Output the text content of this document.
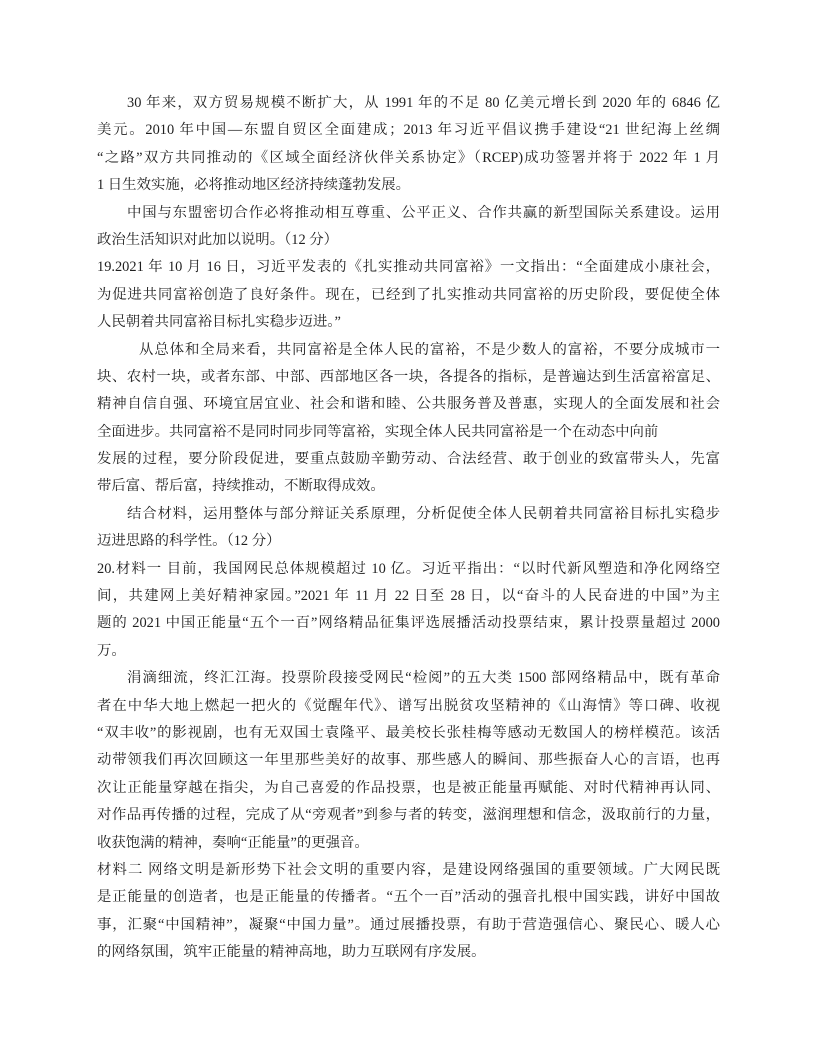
30 年来，双方贸易规模不断扩大，从 1991 年的不足 80 亿美元增长到 2020 年的 6846 亿
美元。2010 年中国—东盟自贸区全面建成；2013 年习近平倡议携手建设“21 世纪海上丝绸
“之路”双方共同推动的《区域全面经济伙伴关系协定》（RCEP)成功签署并将于 2022 年 1 月
1 日生效实施，必将推动地区经济持续蓬勃发展。
中国与东盟密切合作必将推动相互尊重、公平正义、合作共赢的新型国际关系建设。运用
政治生活知识对此加以说明。（12 分）
19.2021 年 10 月 16 日，习近平发表的《扎实推动共同富裕》一文指出：“全面建成小康社会，
为促进共同富裕创造了良好条件。现在，已经到了扎实推动共同富裕的历史阶段，要促使全体
人民朝着共同富裕目标扎实稳步迈进。”
从总体和全局来看，共同富裕是全体人民的富裕，不是少数人的富裕，不要分成城市一
块、农村一块，或者东部、中部、西部地区各一块，各提各的指标，是普遍达到生活富裕富足、
精神自信自强、环境宜居宜业、社会和谐和睦、公共服务普及普惠，实现人的全面发展和社会
全面进步。共同富裕不是同时同步同等富裕，实现全体人民共同富裕是一个在动态中向前
发展的过程，要分阶段促进，要重点鼓励辛勤劳动、合法经营、敢于创业的致富带头人，先富
带后富、帮后富，持续推动，不断取得成效。
结合材料，运用整体与部分辩证关系原理，分析促使全体人民朝着共同富裕目标扎实稳步
迈进思路的科学性。（12 分）
20.材料一 目前，我国网民总体规模超过 10 亿。习近平指出：“以时代新风塑造和净化网络空
间，共建网上美好精神家园。”2021 年 11 月 22 日至 28 日，以“奋斗的人民奋进的中国”为主
题的 2021 中国正能量“五个一百”网络精品征集评选展播活动投票结束，累计投票量超过 2000
万。
涓滴细流，终汇江海。投票阶段接受网民“检阅”的五大类 1500 部网络精品中，既有革命
者在中华大地上燃起一把火的《觉醒年代》、谱写出脱贫攻坚精神的《山海情》等口碑、收视
“双丰收”的影视剧，也有无双国士袁隆平、最美校长张桂梅等感动无数国人的榜样模范。该活
动带领我们再次回顾这一年里那些美好的故事、那些感人的瞬间、那些振奋人心的言语，也再
次让正能量穿越在指尖，为自己喜爱的作品投票，也是被正能量再赋能、对时代精神再认同、
对作品再传播的过程，完成了从“旁观者”到参与者的转变，滋润理想和信念，汲取前行的力量，
收获饱满的精神，奏响“正能量”的更强音。
材料二 网络文明是新形势下社会文明的重要内容，是建设网络强国的重要领域。广大网民既
是正能量的创造者，也是正能量的传播者。“五个一百”活动的强音扎根中国实践，讲好中国故
事，汇聚“中国精神”，凝聚“中国力量”。通过展播投票，有助于营造强信心、聚民心、暖人心
的网络氛围，筑牢正能量的精神高地，助力互联网有序发展。
